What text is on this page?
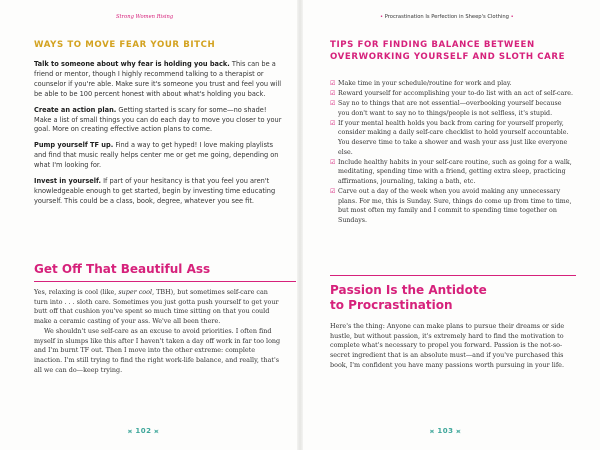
Strong Women Rising
WAYS TO MOVE FEAR YOUR BITCH

Talk to someone about why fear is holding you back. This can be a friend or mentor, though I highly recommend talking to a therapist or counselor if you're able. Make sure it's someone you trust and feel you will be able to be 100 percent honest with about what's holding you back.

Create an action plan. Getting started is scary for some—no shade! Make a list of small things you can do each day to move you closer to your goal. More on creating effective action plans to come.

Pump yourself TF up. Find a way to get hyped! I love making playlists and find that music really helps center me or get me going, depending on what I'm looking for.

Invest in yourself. If part of your hesitancy is that you feel you aren't knowledgeable enough to get started, begin by investing time educating yourself. This could be a class, book, degree, whatever you see fit.

Get Off That Beautiful Ass

Yes, relaxing is cool (like, super cool, TBH), but sometimes self-care can turn into . . . sloth care. Sometimes you just gotta push yourself to get your butt off that cushion you've spent so much time sitting on that you could make a ceramic casting of your ass. We've all been there.

We shouldn't use self-care as an excuse to avoid priorities. I often find myself in slumps like this after I haven't taken a day off work in far too long and I'm burnt TF out. Then I move into the other extreme: complete inaction. I'm still trying to find the right work-life balance, and really, that's all we can do—keep trying.

⪤ 102 ⪤
• Procrastination Is Perfection in Sheep's Clothing •
TIPS FOR FINDING BALANCE BETWEEN OVERWORKING YOURSELF AND SLOTH CARE
☑ Make time in your schedule/routine for work and play.
☑ Reward yourself for accomplishing your to-do list with an act of self-care.
☑ Say no to things that are not essential—overbooking yourself because you don't want to say no to things/people is not selfless, it's stupid.
☑ If your mental health holds you back from caring for yourself properly, consider making a daily self-care checklist to hold yourself accountable. You deserve time to take a shower and wash your ass just like everyone else.
☑ Include healthy habits in your self-care routine, such as going for a walk, meditating, spending time with a friend, getting extra sleep, practicing affirmations, journaling, taking a bath, etc.
☑ Carve out a day of the week when you avoid making any unnecessary plans. For me, this is Sunday. Sure, things do come up from time to time, but most often my family and I commit to spending time together on Sundays.
Passion Is the Antidote
to Procrastination

Here's the thing: Anyone can make plans to pursue their dreams or side hustle, but without passion, it's extremely hard to find the motivation to complete what's necessary to propel you forward. Passion is the not-so-secret ingredient that is an absolute must—and if you've purchased this book, I'm confident you have many passions worth pursuing in your life.

⪤ 103 ⪤
